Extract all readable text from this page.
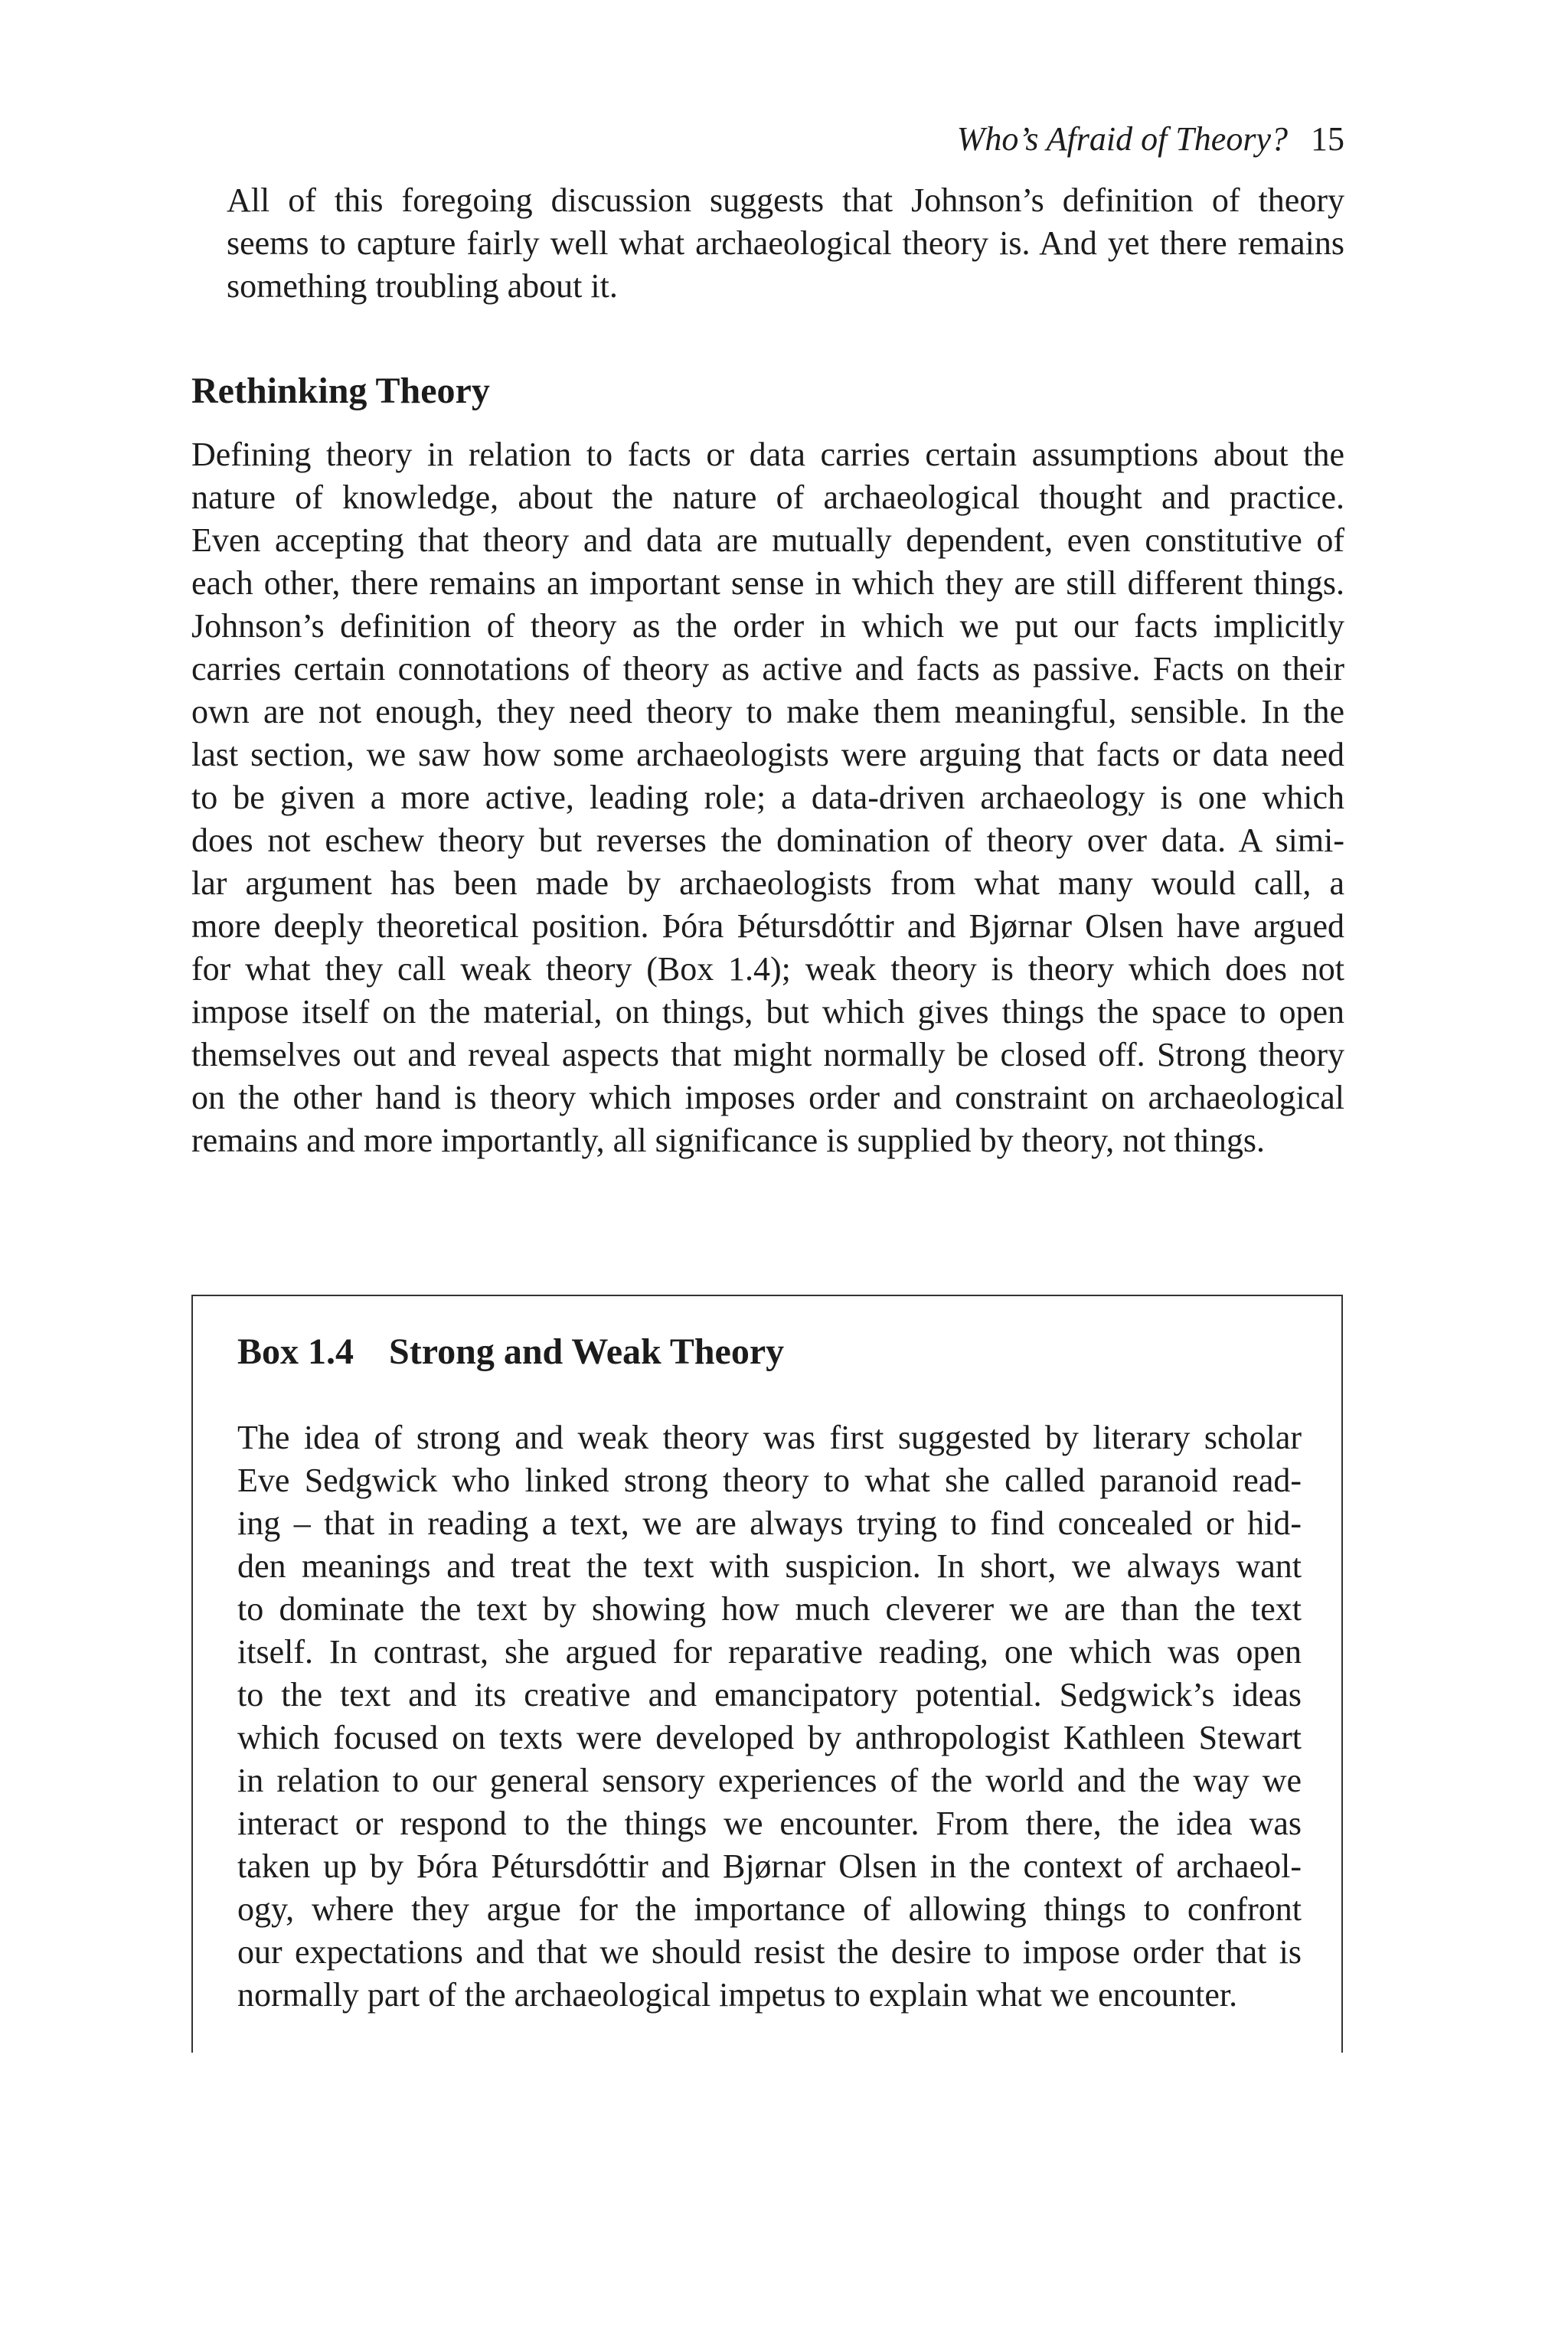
Who’s Afraid of Theory? 15

All of this foregoing discussion suggests that Johnson’s definition of theory
seems to capture fairly well what archaeological theory is. And yet there remains
something troubling about it.

Rethinking Theory

Defining theory in relation to facts or data carries certain assumptions about the
nature of knowledge, about the nature of archaeological thought and practice.
Even accepting that theory and data are mutually dependent, even constitutive of
each other, there remains an important sense in which they are still different things.
Johnson’s definition of theory as the order in which we put our facts implicitly
carries certain connotations of theory as active and facts as passive. Facts on their
own are not enough, they need theory to make them meaningful, sensible. In the
last section, we saw how some archaeologists were arguing that facts or data need
to be given a more active, leading role; a data-driven archaeology is one which
does not eschew theory but reverses the domination of theory over data. A simi-
lar argument has been made by archaeologists from what many would call, a
more deeply theoretical position. Þóra Þétursdóttir and Bjørnar Olsen have argued
for what they call weak theory (Box 1.4); weak theory is theory which does not
impose itself on the material, on things, but which gives things the space to open
themselves out and reveal aspects that might normally be closed off. Strong theory
on the other hand is theory which imposes order and constraint on archaeological
remains and more importantly, all significance is supplied by theory, not things.

Box 1.4 Strong and Weak Theory

The idea of strong and weak theory was first suggested by literary scholar
Eve Sedgwick who linked strong theory to what she called paranoid read-
ing – that in reading a text, we are always trying to find concealed or hid-
den meanings and treat the text with suspicion. In short, we always want
to dominate the text by showing how much cleverer we are than the text
itself. In contrast, she argued for reparative reading, one which was open
to the text and its creative and emancipatory potential. Sedgwick’s ideas
which focused on texts were developed by anthropologist Kathleen Stewart
in relation to our general sensory experiences of the world and the way we
interact or respond to the things we encounter. From there, the idea was
taken up by Þóra Pétursdóttir and Bjørnar Olsen in the context of archaeol-
ogy, where they argue for the importance of allowing things to confront
our expectations and that we should resist the desire to impose order that is
normally part of the archaeological impetus to explain what we encounter.
